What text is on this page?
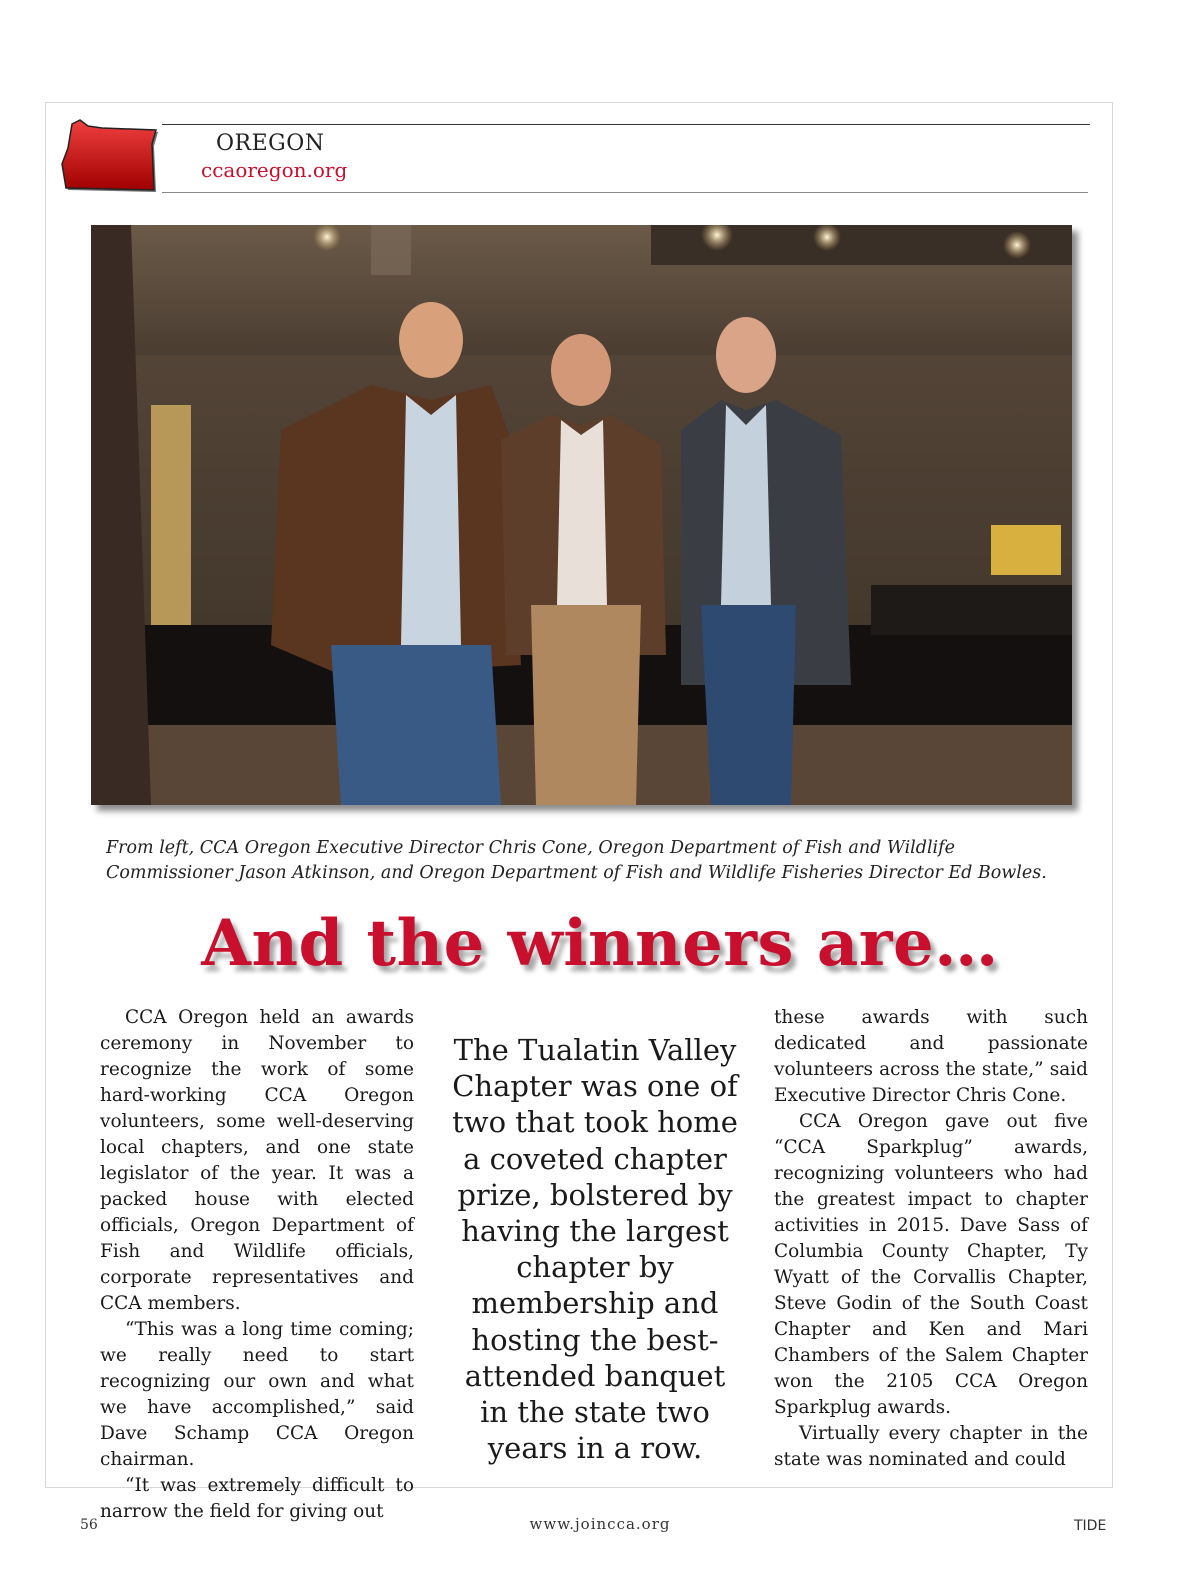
OREGON
ccaoregon.org
From left, CCA Oregon Executive Director Chris Cone, Oregon Department of Fish and Wildlife Commissioner Jason Atkinson, and Oregon Department of Fish and Wildlife Fisheries Director Ed Bowles.
And the winners are…

CCA Oregon held an awards ceremony in November to recognize the work of some hard-working CCA Oregon volunteers, some well-deserving local chapters, and one state legislator of the year. It was a packed house with elected officials, Oregon Department of Fish and Wildlife officials, corporate representatives and CCA members.

“This was a long time coming; we really need to start recognizing our own and what we have accomplished,” said Dave Schamp CCA Oregon chairman.

“It was extremely difficult to narrow the field for giving out

The Tualatin Valley Chapter was one of two that took home a coveted chapter prize, bolstered by having the largest chapter by membership and hosting the best- attended banquet in the state two years in a row.

these awards with such dedicated and passionate volunteers across the state,” said Executive Director Chris Cone.

CCA Oregon gave out five “CCA Sparkplug” awards, recognizing volunteers who had the greatest impact to chapter activities in 2015. Dave Sass of Columbia County Chapter, Ty Wyatt of the Corvallis Chapter, Steve Godin of the South Coast Chapter and Ken and Mari Chambers of the Salem Chapter won the 2105 CCA Oregon Sparkplug awards.

Virtually every chapter in the state was nominated and could

56	www.joincca.org	TIDE
